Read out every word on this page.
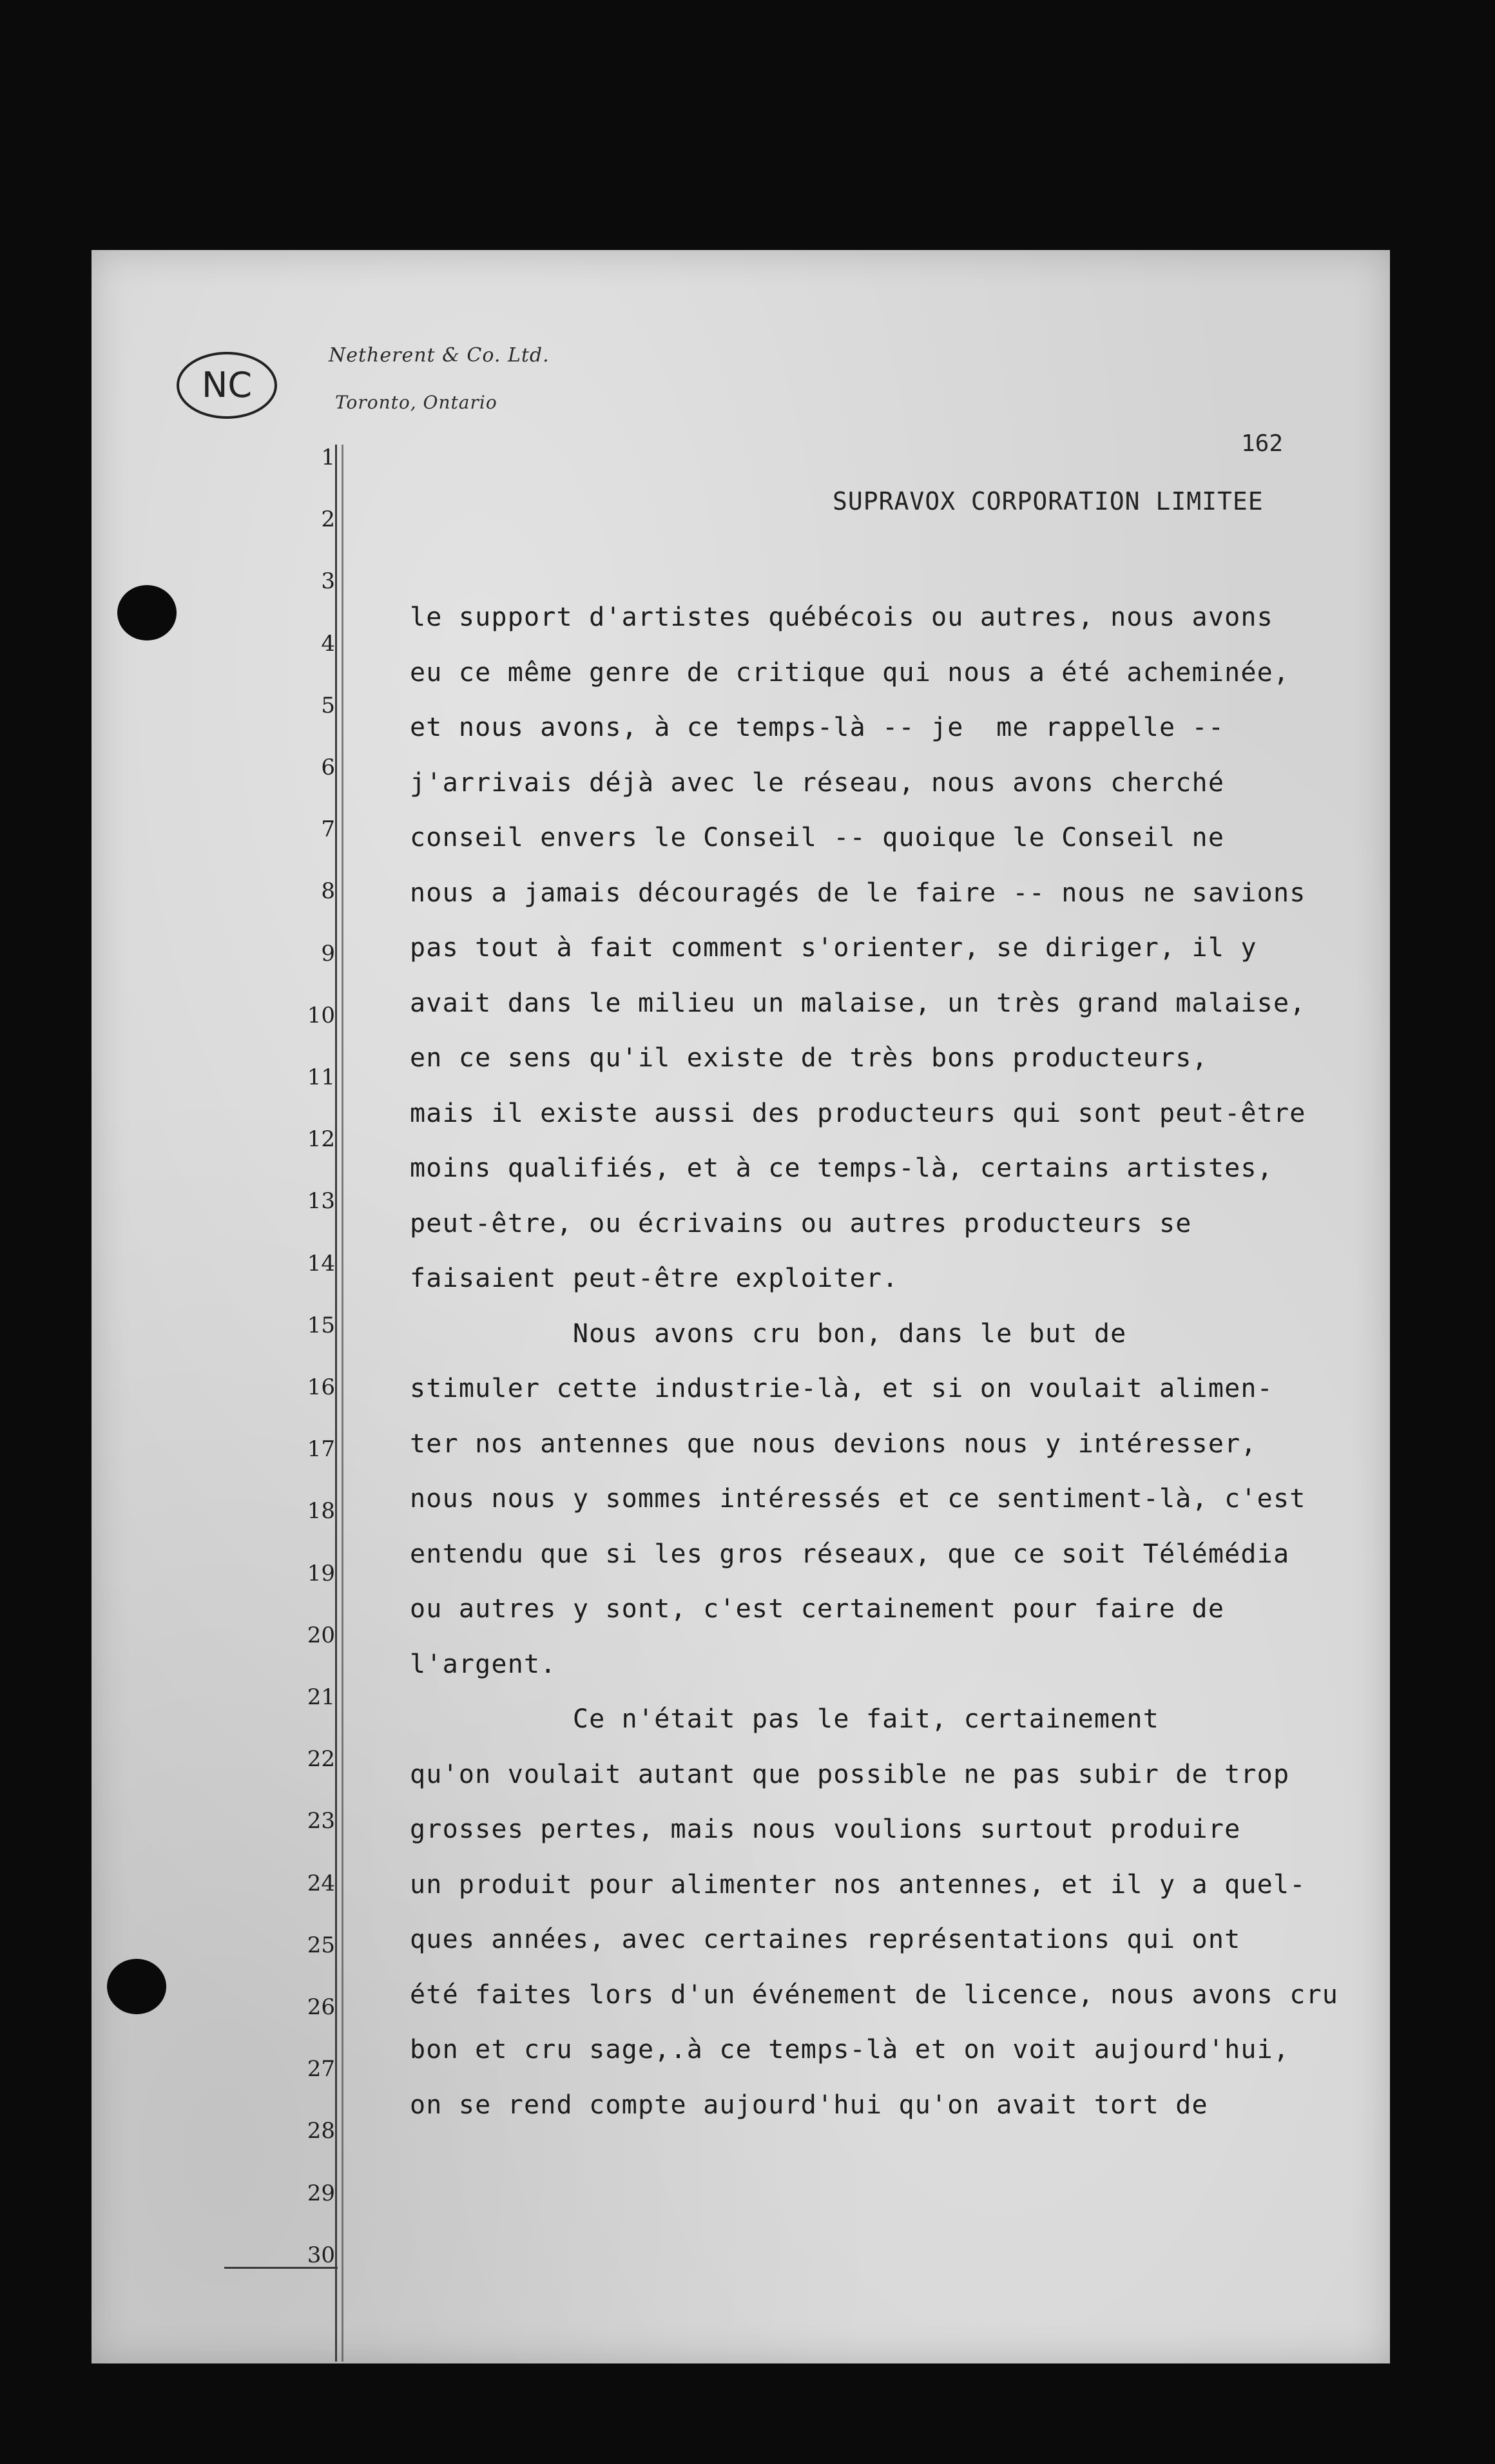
NC
Netherent & Co. Ltd.
Toronto, Ontario
162
SUPRAVOX CORPORATION LIMITEE
1
2
3
4
5
6
7
8
9
10
11
12
13
14
15
16
17
18
19
20
21
22
23
24
25
26
27
28
29
30
le support d'artistes québécois ou autres, nous avons
eu ce même genre de critique qui nous a été acheminée,
et nous avons, à ce temps-là -- je  me rappelle --
j'arrivais déjà avec le réseau, nous avons cherché
conseil envers le Conseil -- quoique le Conseil ne
nous a jamais découragés de le faire -- nous ne savions
pas tout à fait comment s'orienter, se diriger, il y
avait dans le milieu un malaise, un très grand malaise,
en ce sens qu'il existe de très bons producteurs,
mais il existe aussi des producteurs qui sont peut-être
moins qualifiés, et à ce temps-là, certains artistes,
peut-être, ou écrivains ou autres producteurs se
faisaient peut-être exploiter.
Nous avons cru bon, dans le but de
stimuler cette industrie-là, et si on voulait alimen-
ter nos antennes que nous devions nous y intéresser,
nous nous y sommes intéressés et ce sentiment-là, c'est
entendu que si les gros réseaux, que ce soit Télémédia
ou autres y sont, c'est certainement pour faire de
l'argent.
Ce n'était pas le fait, certainement
qu'on voulait autant que possible ne pas subir de trop
grosses pertes, mais nous voulions surtout produire
un produit pour alimenter nos antennes, et il y a quel-
ques années, avec certaines représentations qui ont
été faites lors d'un événement de licence, nous avons cru
bon et cru sage,.à ce temps-là et on voit aujourd'hui,
on se rend compte aujourd'hui qu'on avait tort de
